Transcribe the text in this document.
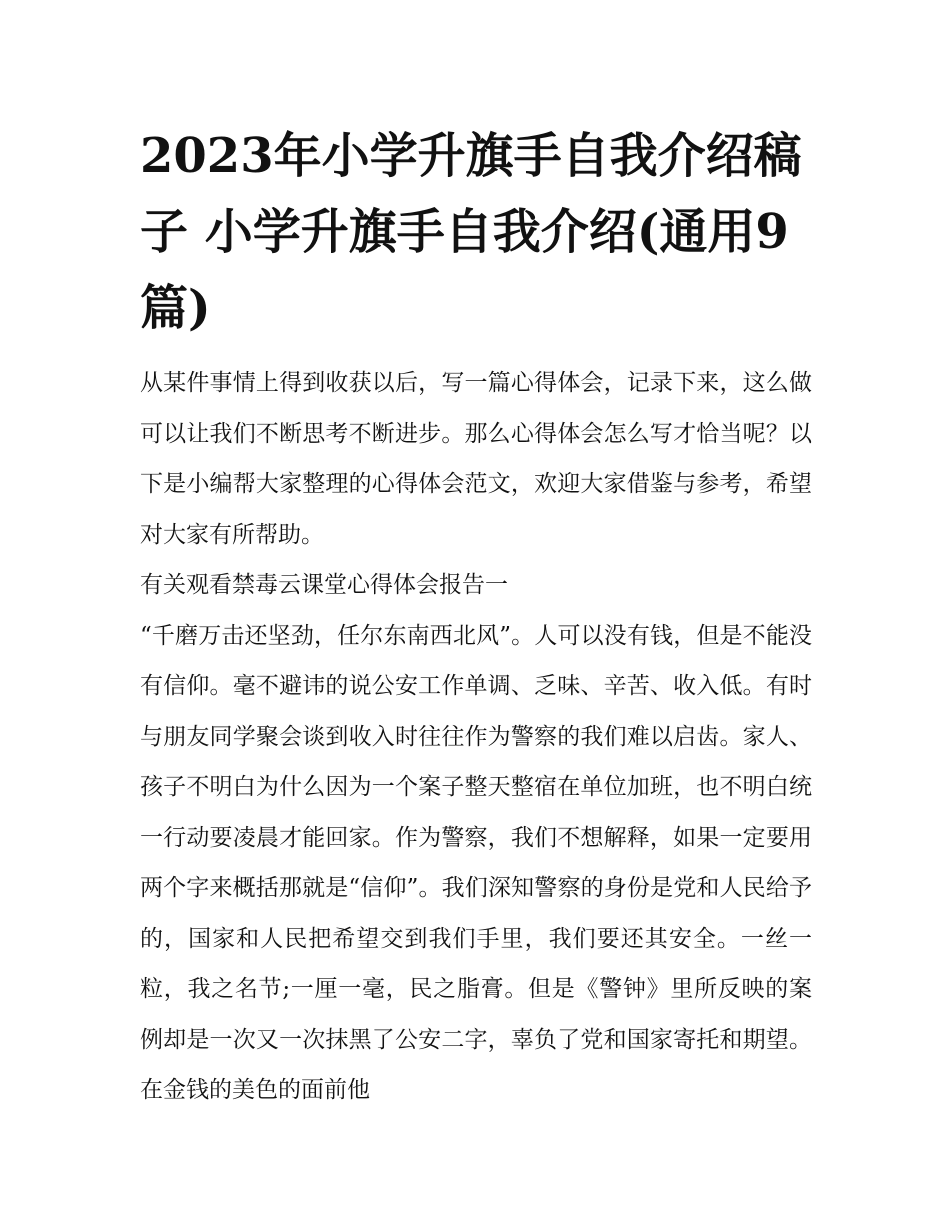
2023年小学升旗手自我介绍稿子 小学升旗手自我介绍(通用9篇)

从某件事情上得到收获以后，写一篇心得体会，记录下来，这么做可以让我们不断思考不断进步。那么心得体会怎么写才恰当呢？以下是小编帮大家整理的心得体会范文，欢迎大家借鉴与参考，希望对大家有所帮助。

有关观看禁毒云课堂心得体会报告一

“千磨万击还坚劲，任尔东南西北风”。人可以没有钱，但是不能没有信仰。毫不避讳的说公安工作单调、乏味、辛苦、收入低。有时与朋友同学聚会谈到收入时往往作为警察的我们难以启齿。家人、孩子不明白为什么因为一个案子整天整宿在单位加班，也不明白统一行动要凌晨才能回家。作为警察，我们不想解释，如果一定要用两个字来概括那就是“信仰”。我们深知警察的身份是党和人民给予的，国家和人民把希望交到我们手里，我们要还其安全。一丝一粒，我之名节;一厘一毫，民之脂膏。但是《警钟》里所反映的案例却是一次又一次抹黑了公安二字，辜负了党和国家寄托和期望。在金钱的美色的面前他
